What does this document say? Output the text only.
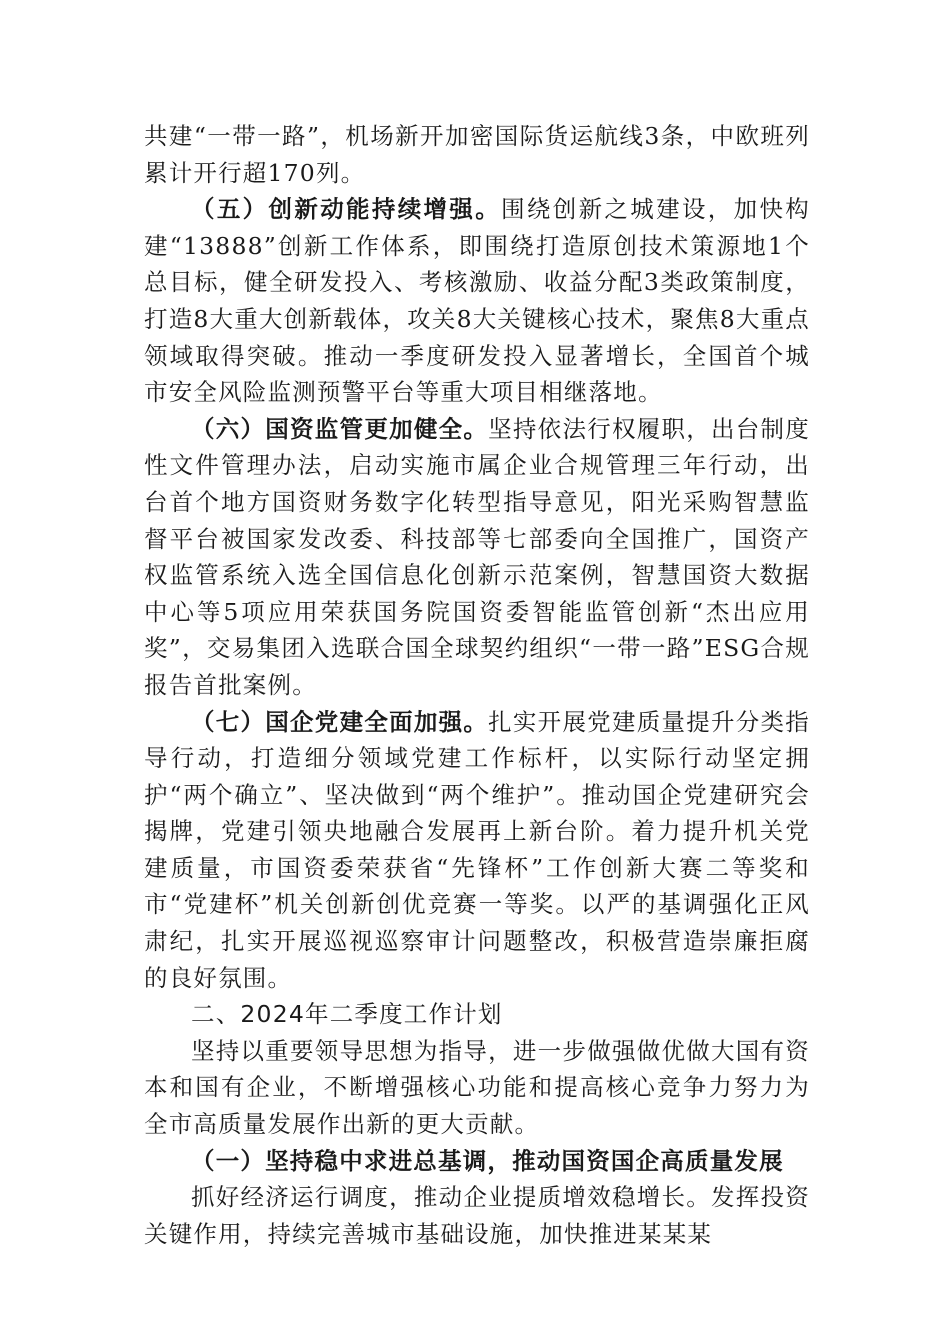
共建“一带一路”，机场新开加密国际货运航线3条，中欧班列累计开行超170列。

（五）创新动能持续增强。围绕创新之城建设，加快构建“13888”创新工作体系，即围绕打造原创技术策源地1个总目标，健全研发投入、考核激励、收益分配3类政策制度，打造8大重大创新载体，攻关8大关键核心技术，聚焦8大重点领域取得突破。推动一季度研发投入显著增长，全国首个城市安全风险监测预警平台等重大项目相继落地。

（六）国资监管更加健全。坚持依法行权履职，出台制度性文件管理办法，启动实施市属企业合规管理三年行动，出台首个地方国资财务数字化转型指导意见，阳光采购智慧监督平台被国家发改委、科技部等七部委向全国推广，国资产权监管系统入选全国信息化创新示范案例，智慧国资大数据中心等5项应用荣获国务院国资委智能监管创新“杰出应用奖”，交易集团入选联合国全球契约组织“一带一路”ESG合规报告首批案例。

（七）国企党建全面加强。扎实开展党建质量提升分类指导行动，打造细分领域党建工作标杆，以实际行动坚定拥护“两个确立”、坚决做到“两个维护”。推动国企党建研究会揭牌，党建引领央地融合发展再上新台阶。着力提升机关党建质量，市国资委荣获省“先锋杯”工作创新大赛二等奖和市“党建杯”机关创新创优竞赛一等奖。以严的基调强化正风肃纪，扎实开展巡视巡察审计问题整改，积极营造崇廉拒腐的良好氛围。

二、2024年二季度工作计划

坚持以重要领导思想为指导，进一步做强做优做大国有资本和国有企业，不断增强核心功能和提高核心竞争力努力为全市高质量发展作出新的更大贡献。

（一）坚持稳中求进总基调，推动国资国企高质量发展

抓好经济运行调度，推动企业提质增效稳增长。发挥投资关键作用，持续完善城市基础设施，加快推进某某某
